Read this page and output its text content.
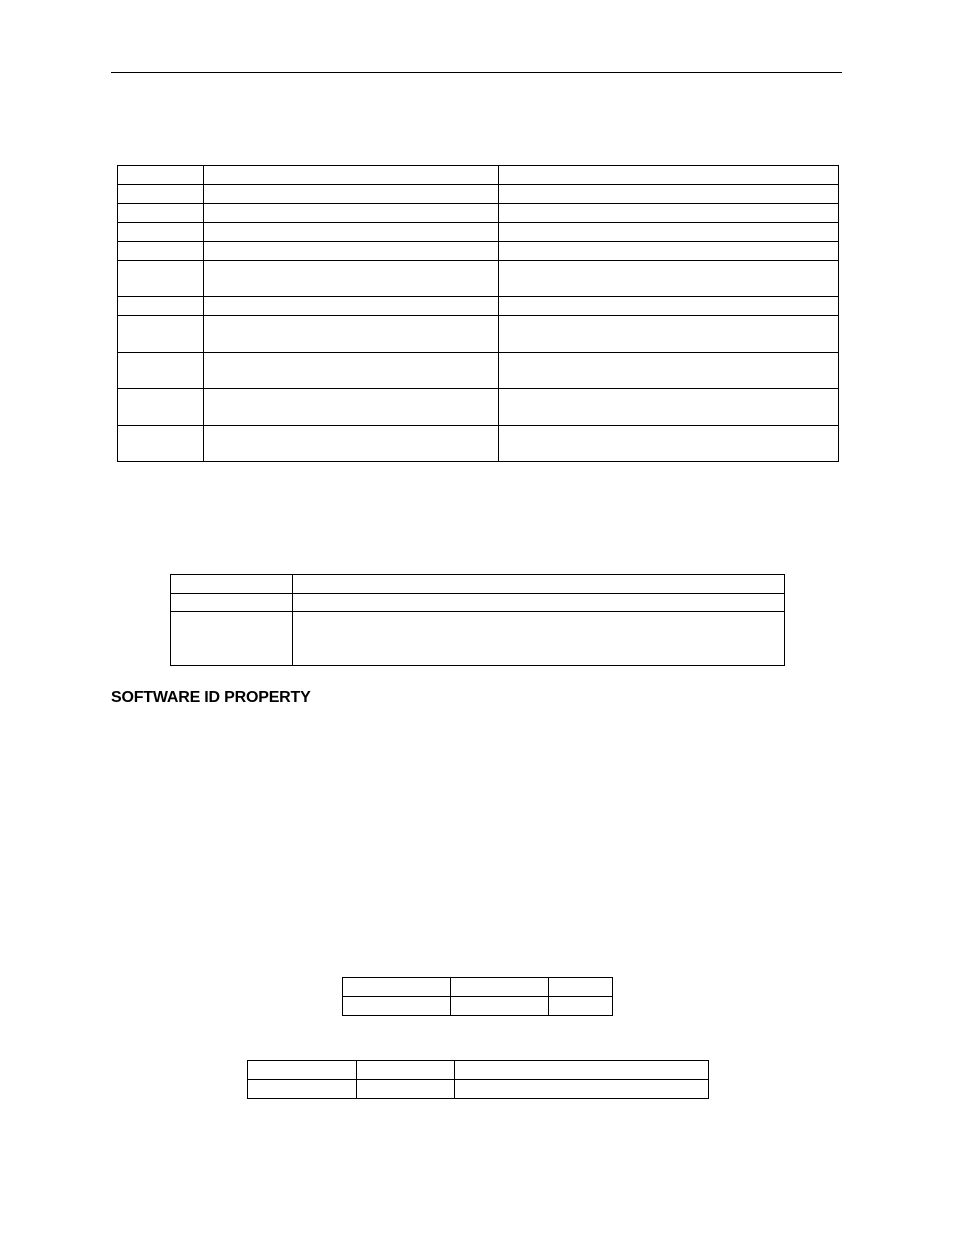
SOFTWARE ID PROPERTY
